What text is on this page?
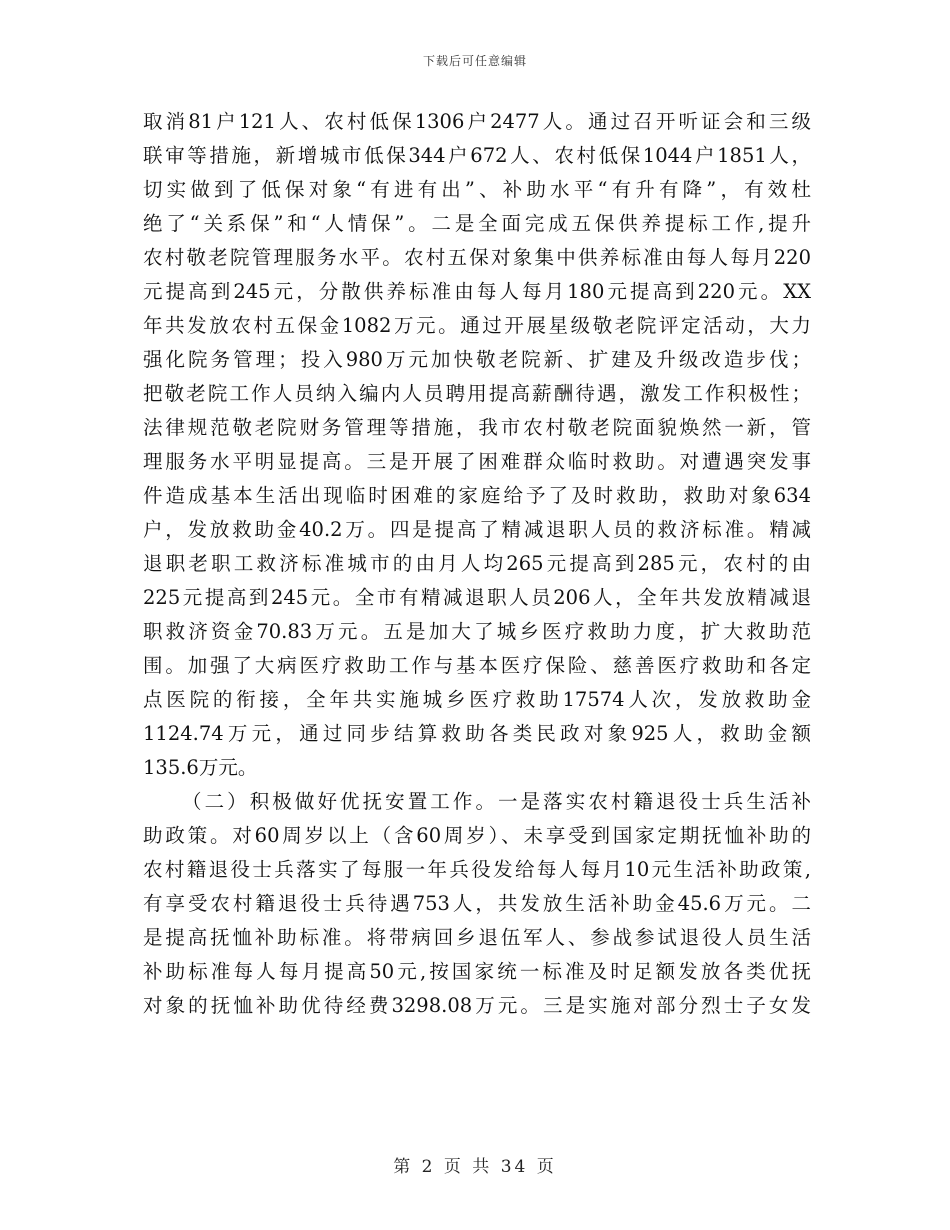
下载后可任意编辑
取消81户121人、农村低保1306户2477人。通过召开听证会和三级
联审等措施，新增城市低保344户672人、农村低保1044户1851人，
切实做到了低保对象“有进有出”、补助水平“有升有降”，有效杜
绝了“关系保”和“人情保”。二是全面完成五保供养提标工作,提升
农村敬老院管理服务水平。农村五保对象集中供养标准由每人每月220
元提高到245元，分散供养标准由每人每月180元提高到220元。XX
年共发放农村五保金1082万元。通过开展星级敬老院评定活动，大力
强化院务管理；投入980万元加快敬老院新、扩建及升级改造步伐；
把敬老院工作人员纳入编内人员聘用提高薪酬待遇，激发工作积极性；
法律规范敬老院财务管理等措施，我市农村敬老院面貌焕然一新，管
理服务水平明显提高。三是开展了困难群众临时救助。对遭遇突发事
件造成基本生活出现临时困难的家庭给予了及时救助，救助对象634
户，发放救助金40.2万。四是提高了精减退职人员的救济标准。精减
退职老职工救济标准城市的由月人均265元提高到285元，农村的由
225元提高到245元。全市有精减退职人员206人，全年共发放精减退
职救济资金70.83万元。五是加大了城乡医疗救助力度，扩大救助范
围。加强了大病医疗救助工作与基本医疗保险、慈善医疗救助和各定
点医院的衔接，全年共实施城乡医疗救助17574人次，发放救助金
1124.74万元，通过同步结算救助各类民政对象925人，救助金额
135.6万元。
（二）积极做好优抚安置工作。一是落实农村籍退役士兵生活补
助政策。对60周岁以上（含60周岁）、未享受到国家定期抚恤补助的
农村籍退役士兵落实了每服一年兵役发给每人每月10元生活补助政策,
有享受农村籍退役士兵待遇753人，共发放生活补助金45.6万元。二
是提高抚恤补助标准。将带病回乡退伍军人、参战参试退役人员生活
补助标准每人每月提高50元,按国家统一标准及时足额发放各类优抚
对象的抚恤补助优待经费3298.08万元。三是实施对部分烈士子女发
第 2 页 共 34 页
